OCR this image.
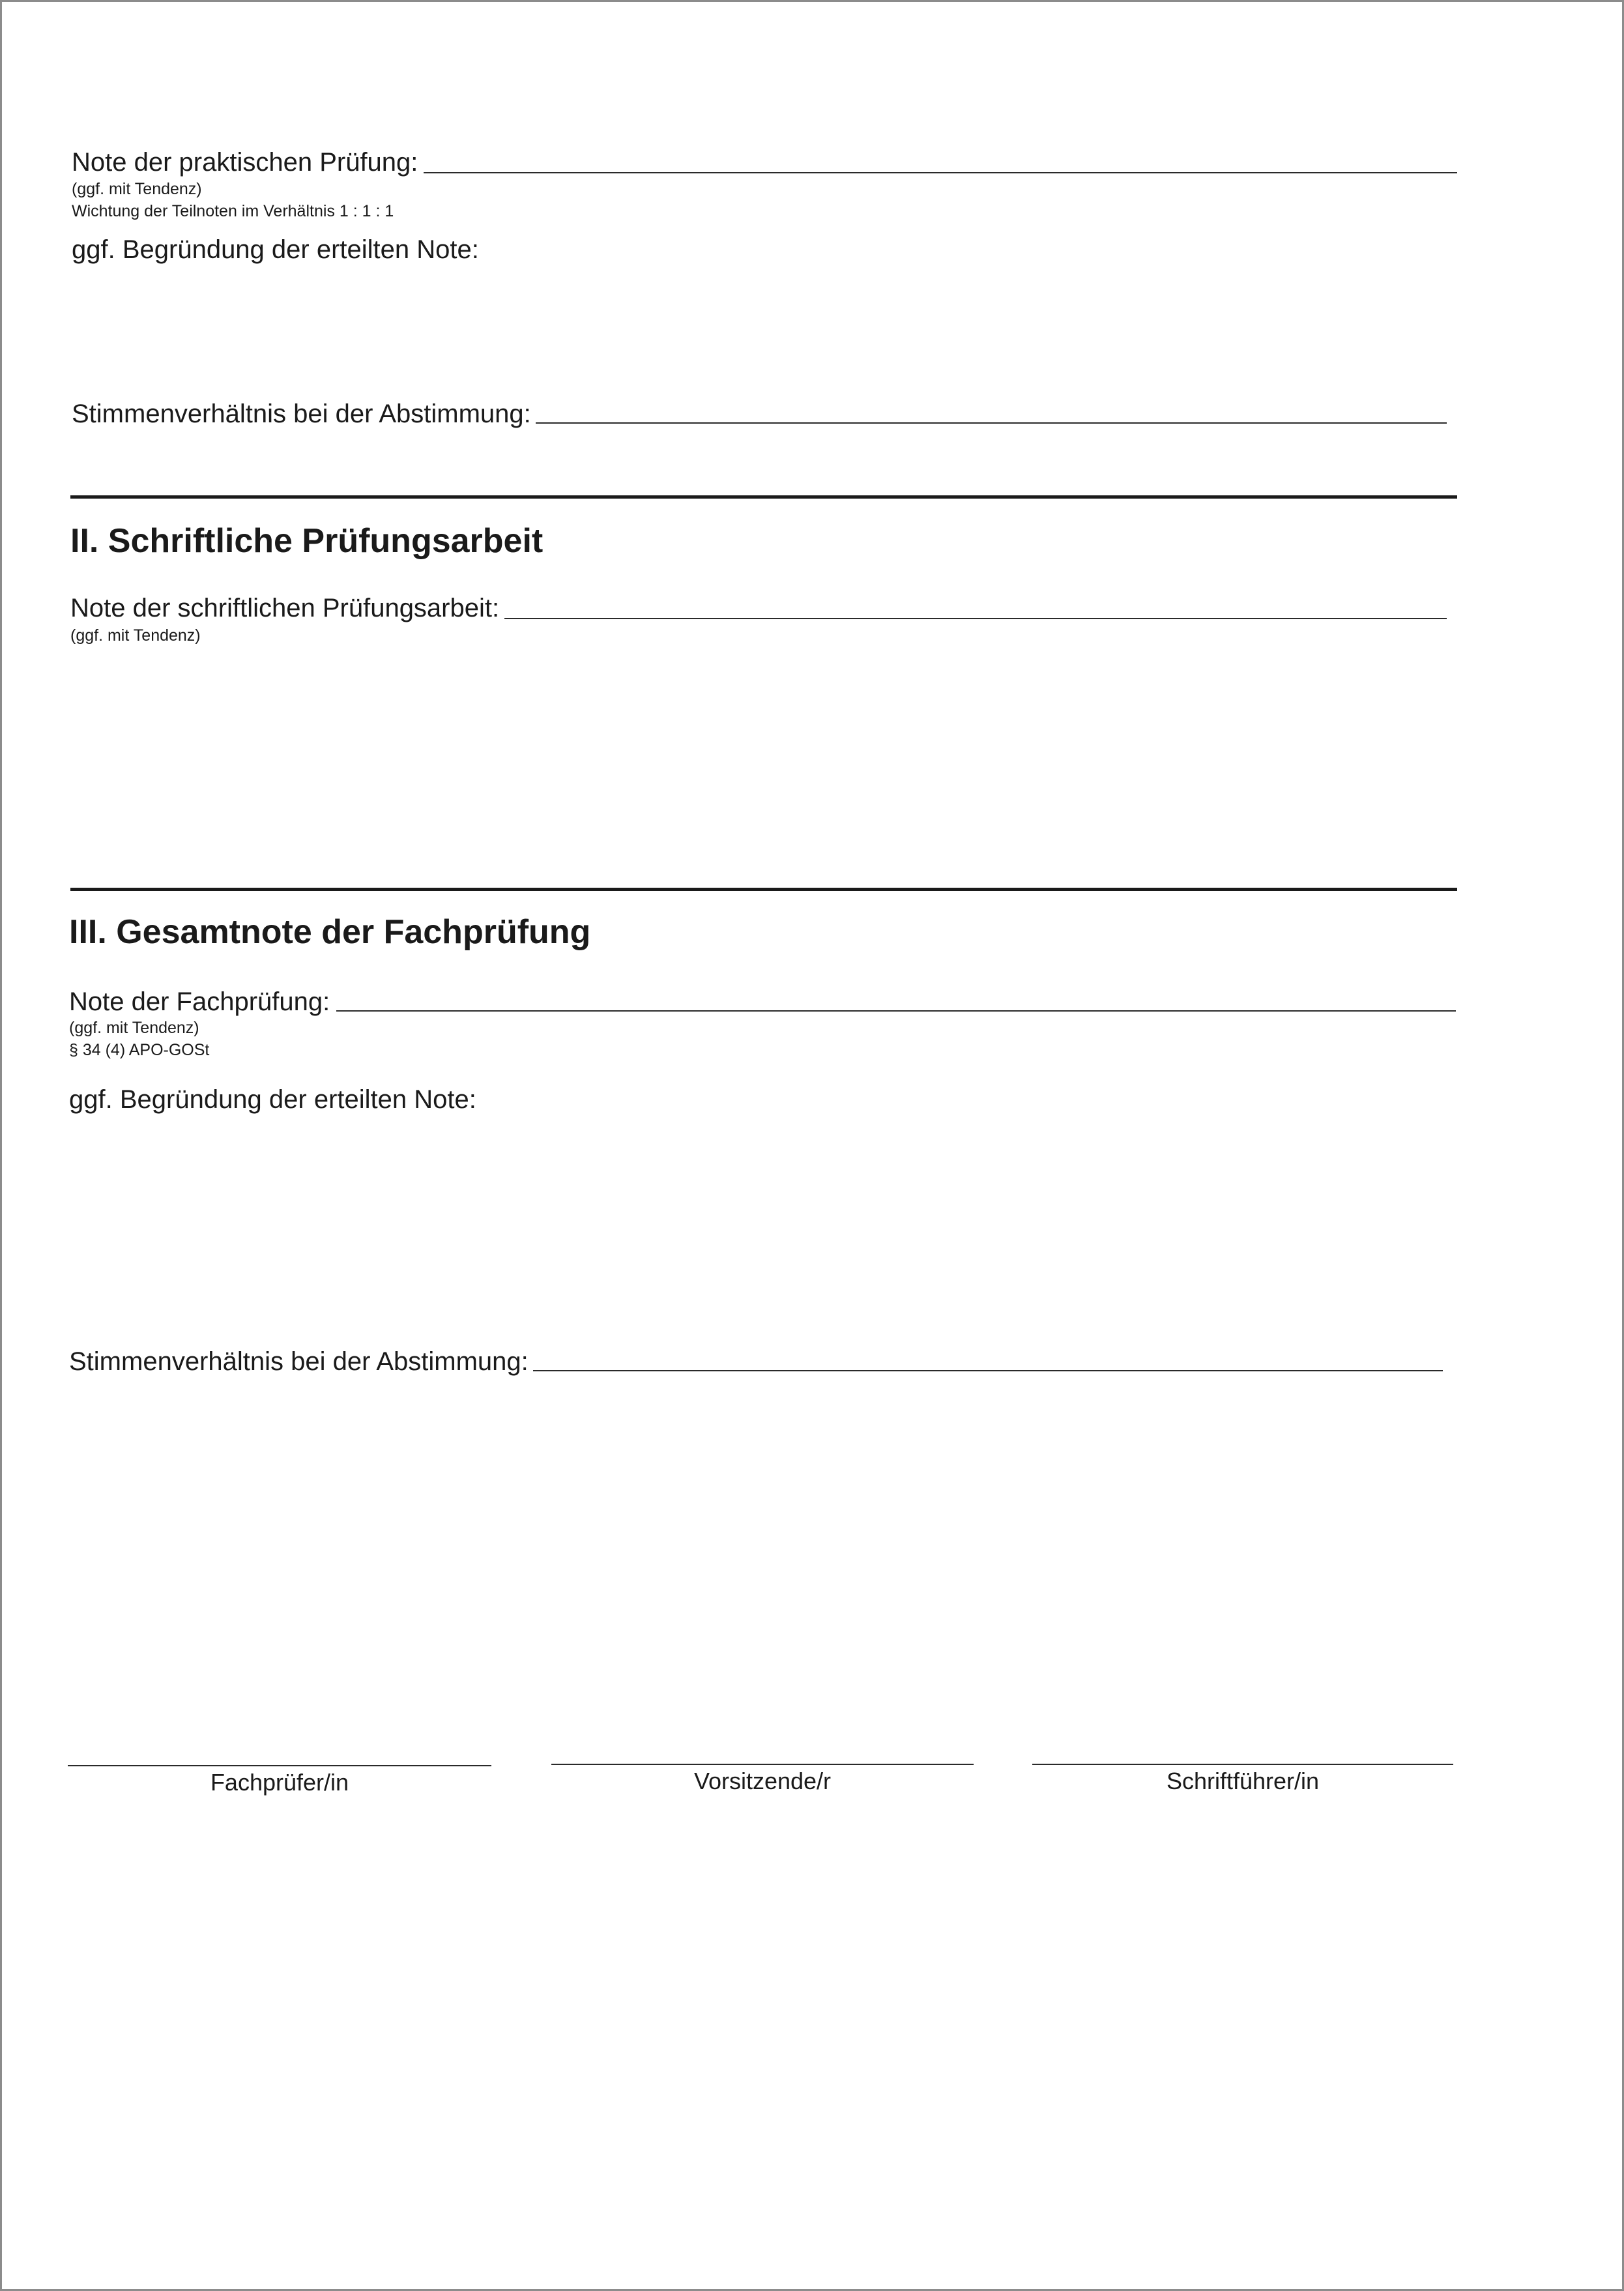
Note der praktischen Prüfung:
(ggf. mit Tendenz)
Wichtung der Teilnoten im Verhältnis 1 : 1 : 1
ggf. Begründung der erteilten Note:
Stimmenverhältnis bei der Abstimmung:
II. Schriftliche Prüfungsarbeit
Note der schriftlichen Prüfungsarbeit:
(ggf. mit Tendenz)
III. Gesamtnote der Fachprüfung
Note der Fachprüfung:
(ggf. mit Tendenz)
§ 34 (4) APO-GOSt
ggf. Begründung der erteilten Note:
Stimmenverhältnis bei der Abstimmung:
Fachprüfer/in	Vorsitzende/r	Schriftführer/in
